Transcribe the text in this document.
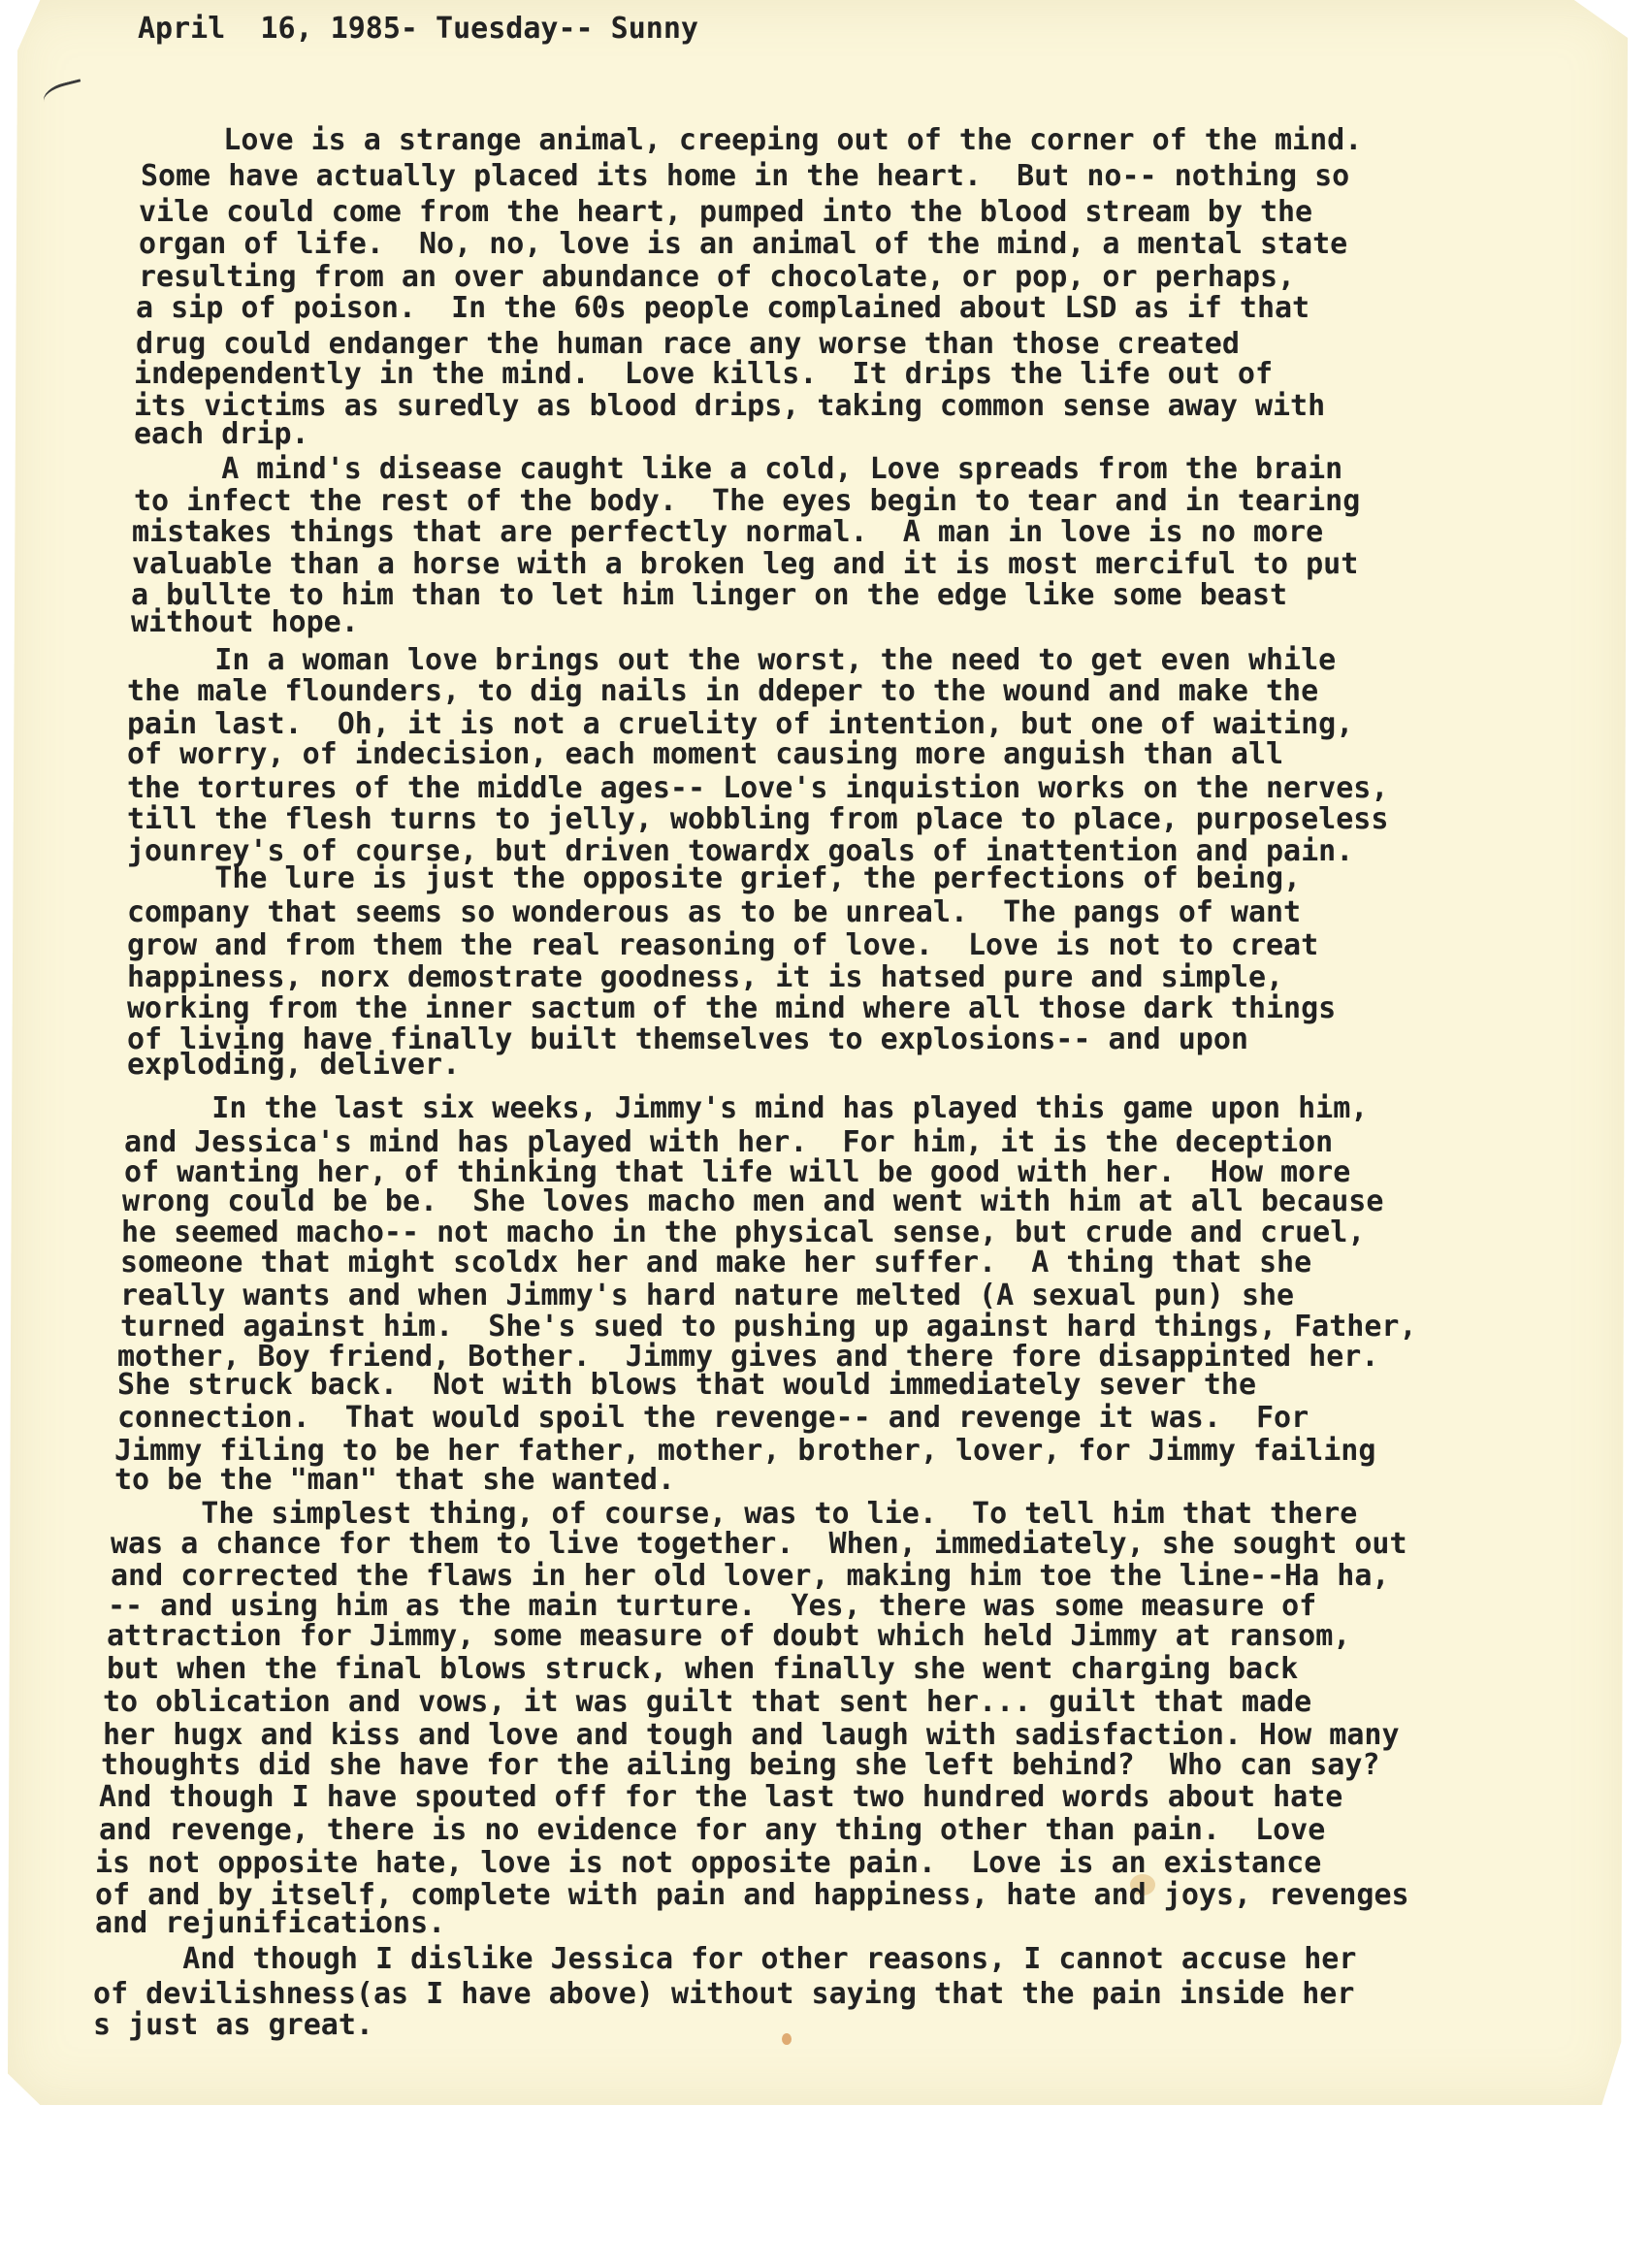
April  16, 1985- Tuesday-- Sunny
Love is a strange animal, creeping out of the corner of the mind.
Some have actually placed its home in the heart.  But no-- nothing so
vile could come from the heart, pumped into the blood stream by the
organ of life.  No, no, love is an animal of the mind, a mental state
resulting from an over abundance of chocolate, or pop, or perhaps,
a sip of poison.  In the 60s people complained about LSD as if that
drug could endanger the human race any worse than those created
independently in the mind.  Love kills.  It drips the life out of
its victims as suredly as blood drips, taking common sense away with
each drip.
A mind's disease caught like a cold, Love spreads from the brain
to infect the rest of the body.  The eyes begin to tear and in tearing
mistakes things that are perfectly normal.  A man in love is no more
valuable than a horse with a broken leg and it is most merciful to put
a bullte to him than to let him linger on the edge like some beast
without hope.
In a woman love brings out the worst, the need to get even while
the male flounders, to dig nails in ddeper to the wound and make the
pain last.  Oh, it is not a cruelity of intention, but one of waiting,
of worry, of indecision, each moment causing more anguish than all
the tortures of the middle ages-- Love's inquistion works on the nerves,
till the flesh turns to jelly, wobbling from place to place, purposeless
jounrey's of course, but driven towardx goals of inattention and pain.
The lure is just the opposite grief, the perfections of being,
company that seems so wonderous as to be unreal.  The pangs of want
grow and from them the real reasoning of love.  Love is not to creat
happiness, norx demostrate goodness, it is hatsed pure and simple,
working from the inner sactum of the mind where all those dark things
of living have finally built themselves to explosions-- and upon
exploding, deliver.
In the last six weeks, Jimmy's mind has played this game upon him,
and Jessica's mind has played with her.  For him, it is the deception
of wanting her, of thinking that life will be good with her.  How more
wrong could be be.  She loves macho men and went with him at all because
he seemed macho-- not macho in the physical sense, but crude and cruel,
someone that might scoldx her and make her suffer.  A thing that she
really wants and when Jimmy's hard nature melted (A sexual pun) she
turned against him.  She's sued to pushing up against hard things, Father,
mother, Boy friend, Bother.  Jimmy gives and there fore disappinted her.
She struck back.  Not with blows that would immediately sever the
connection.  That would spoil the revenge-- and revenge it was.  For
Jimmy filing to be her father, mother, brother, lover, for Jimmy failing
to be the "man" that she wanted.
The simplest thing, of course, was to lie.  To tell him that there
was a chance for them to live together.  When, immediately, she sought out
and corrected the flaws in her old lover, making him toe the line--Ha ha,
-- and using him as the main turture.  Yes, there was some measure of
attraction for Jimmy, some measure of doubt which held Jimmy at ransom,
but when the final blows struck, when finally she went charging back
to oblication and vows, it was guilt that sent her... guilt that made
her hugx and kiss and love and tough and laugh with sadisfaction. How many
thoughts did she have for the ailing being she left behind?  Who can say?
And though I have spouted off for the last two hundred words about hate
and revenge, there is no evidence for any thing other than pain.  Love
is not opposite hate, love is not opposite pain.  Love is an existance
of and by itself, complete with pain and happiness, hate and joys, revenges
and rejunifications.
And though I dislike Jessica for other reasons, I cannot accuse her
of devilishness(as I have above) without saying that the pain inside her
s just as great.
